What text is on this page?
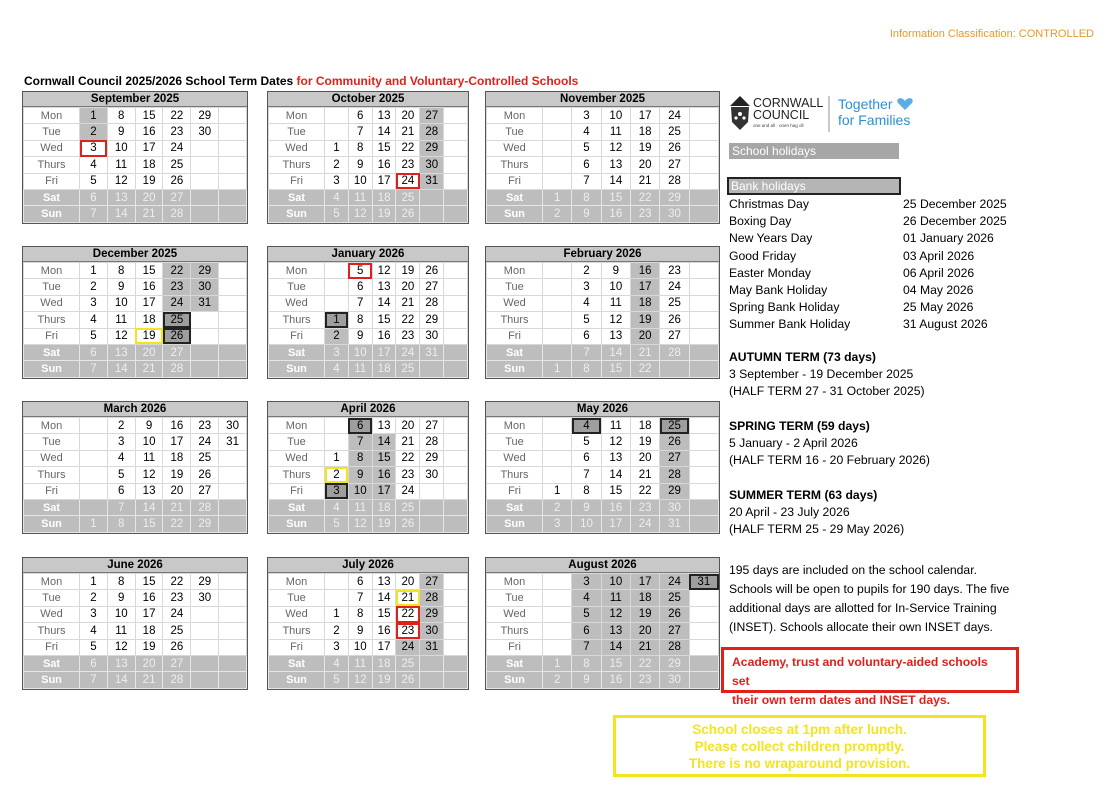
Information Classification: CONTROLLED
Cornwall Council 2025/2026 School Term Dates for Community and Voluntary-Controlled Schools
September 2025
Mon	1	8	15	22	29	
Tue	2	9	16	23	30	
Wed	3	10	17	24		
Thurs	4	11	18	25		
Fri	5	12	19	26		
Sat	6	13	20	27		
Sun	7	14	21	28		
October 2025
Mon		6	13	20	27	
Tue		7	14	21	28	
Wed	1	8	15	22	29	
Thurs	2	9	16	23	30	
Fri	3	10	17	24	31	
Sat	4	11	18	25		
Sun	5	12	19	26		
November 2025
Mon		3	10	17	24	
Tue		4	11	18	25	
Wed		5	12	19	26	
Thurs		6	13	20	27	
Fri		7	14	21	28	
Sat	1	8	15	22	29	
Sun	2	9	16	23	30	
December 2025
Mon	1	8	15	22	29	
Tue	2	9	16	23	30	
Wed	3	10	17	24	31	
Thurs	4	11	18	25		
Fri	5	12	19	26		
Sat	6	13	20	27		
Sun	7	14	21	28		
January 2026
Mon		5	12	19	26	
Tue		6	13	20	27	
Wed		7	14	21	28	
Thurs	1	8	15	22	29	
Fri	2	9	16	23	30	
Sat	3	10	17	24	31	
Sun	4	11	18	25		
February 2026
Mon		2	9	16	23	
Tue		3	10	17	24	
Wed		4	11	18	25	
Thurs		5	12	19	26	
Fri		6	13	20	27	
Sat		7	14	21	28	
Sun	1	8	15	22		
March 2026
Mon		2	9	16	23	30
Tue		3	10	17	24	31
Wed		4	11	18	25	
Thurs		5	12	19	26	
Fri		6	13	20	27	
Sat		7	14	21	28	
Sun	1	8	15	22	29	
April 2026
Mon		6	13	20	27	
Tue		7	14	21	28	
Wed	1	8	15	22	29	
Thurs	2	9	16	23	30	
Fri	3	10	17	24		
Sat	4	11	18	25		
Sun	5	12	19	26		
May 2026
Mon		4	11	18	25	
Tue		5	12	19	26	
Wed		6	13	20	27	
Thurs		7	14	21	28	
Fri	1	8	15	22	29	
Sat	2	9	16	23	30	
Sun	3	10	17	24	31	
June 2026
Mon	1	8	15	22	29	
Tue	2	9	16	23	30	
Wed	3	10	17	24		
Thurs	4	11	18	25		
Fri	5	12	19	26		
Sat	6	13	20	27		
Sun	7	14	21	28		
July 2026
Mon		6	13	20	27	
Tue		7	14	21	28	
Wed	1	8	15	22	29	
Thurs	2	9	16	23	30	
Fri	3	10	17	24	31	
Sat	4	11	18	25		
Sun	5	12	19	26		
August 2026
Mon		3	10	17	24	31
Tue		4	11	18	25	
Wed		5	12	19	26	
Thurs		6	13	20	27	
Fri		7	14	21	28	
Sat	1	8	15	22	29	
Sun	2	9	16	23	30	
CORNWALL
COUNCIL
one and all · onen hag oll
Together
for Families
School holidays
Bank holidays
Christmas Day	25 December 2025
Boxing Day	26 December 2025
New Years Day	01 January 2026
Good Friday	03 April 2026
Easter Monday	06 April 2026
May Bank Holiday	04 May 2026
Spring Bank Holiday	25 May 2026
Summer Bank Holiday	31 August 2026
AUTUMN TERM (73 days)
3 September - 19 December 2025
(HALF TERM 27 - 31 October 2025)
SPRING TERM (59 days)
5 January - 2 April 2026
(HALF TERM 16 - 20 February 2026)
SUMMER TERM (63 days)
20 April - 23 July 2026
(HALF TERM 25 - 29 May 2026)
195 days are included on the school calendar.
Schools will be open to pupils for 190 days. The five
additional days are allotted for In-Service Training
(INSET). Schools allocate their own INSET days.
Academy, trust and voluntary-aided schools set
their own term dates and INSET days.
School closes at 1pm after lunch.
Please collect children promptly.
There is no wraparound provision.
